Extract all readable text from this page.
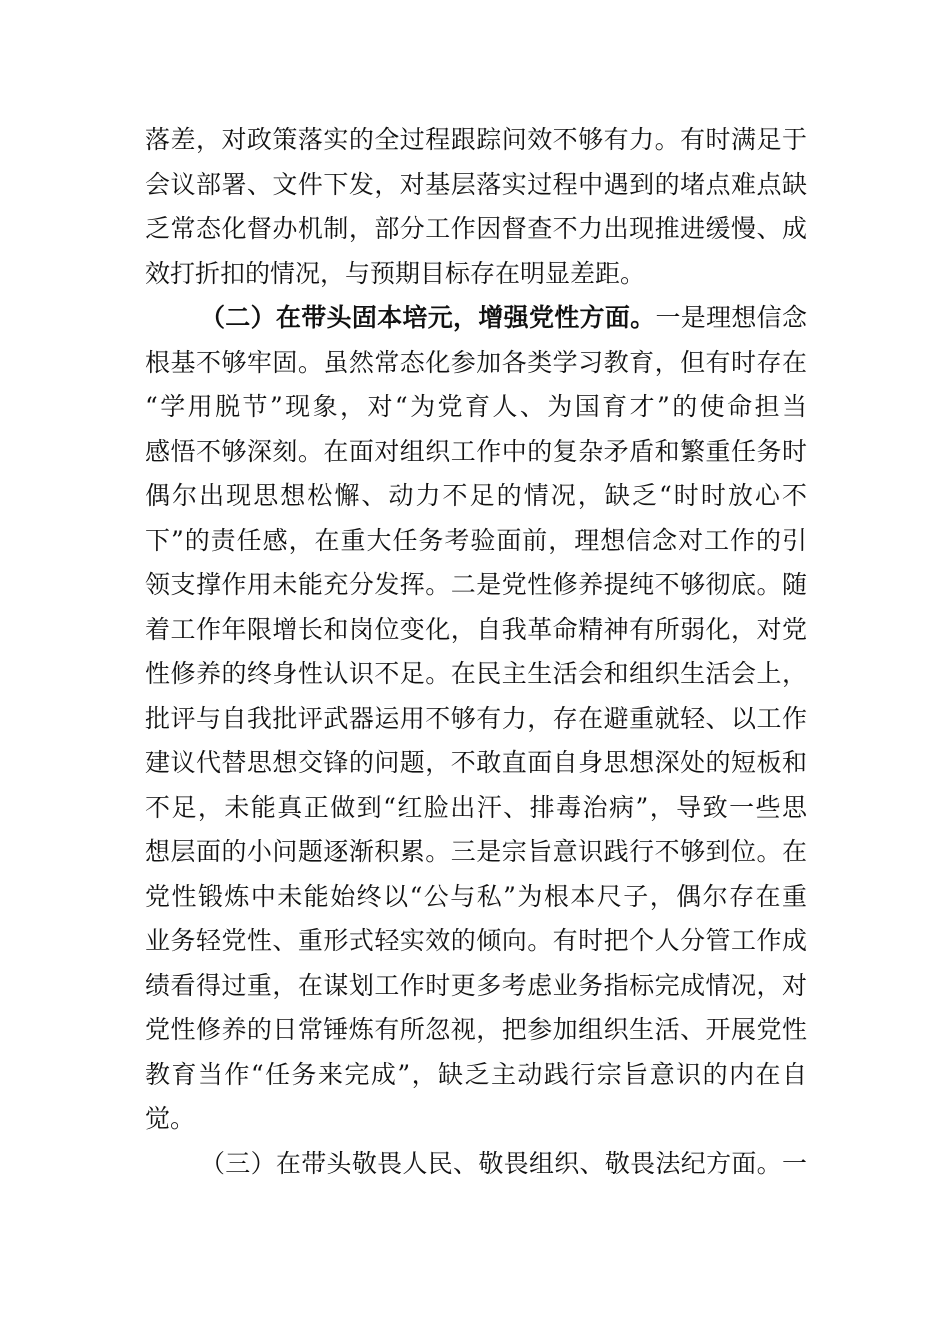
落差，对政策落实的全过程跟踪问效不够有力。有时满足于
会议部署、文件下发，对基层落实过程中遇到的堵点难点缺
乏常态化督办机制，部分工作因督查不力出现推进缓慢、成
效打折扣的情况，与预期目标存在明显差距。
（二）在带头固本培元，增强党性方面。一是理想信念
根基不够牢固。虽然常态化参加各类学习教育，但有时存在
“学用脱节”现象，对“为党育人、为国育才”的使命担当
感悟不够深刻。在面对组织工作中的复杂矛盾和繁重任务时
偶尔出现思想松懈、动力不足的情况，缺乏“时时放心不
下”的责任感，在重大任务考验面前，理想信念对工作的引
领支撑作用未能充分发挥。二是党性修养提纯不够彻底。随
着工作年限增长和岗位变化，自我革命精神有所弱化，对党
性修养的终身性认识不足。在民主生活会和组织生活会上，
批评与自我批评武器运用不够有力，存在避重就轻、以工作
建议代替思想交锋的问题，不敢直面自身思想深处的短板和
不足，未能真正做到“红脸出汗、排毒治病”，导致一些思
想层面的小问题逐渐积累。三是宗旨意识践行不够到位。在
党性锻炼中未能始终以“公与私”为根本尺子，偶尔存在重
业务轻党性、重形式轻实效的倾向。有时把个人分管工作成
绩看得过重，在谋划工作时更多考虑业务指标完成情况，对
党性修养的日常锤炼有所忽视，把参加组织生活、开展党性
教育当作“任务来完成”，缺乏主动践行宗旨意识的内在自
觉。
（三）在带头敬畏人民、敬畏组织、敬畏法纪方面。一
